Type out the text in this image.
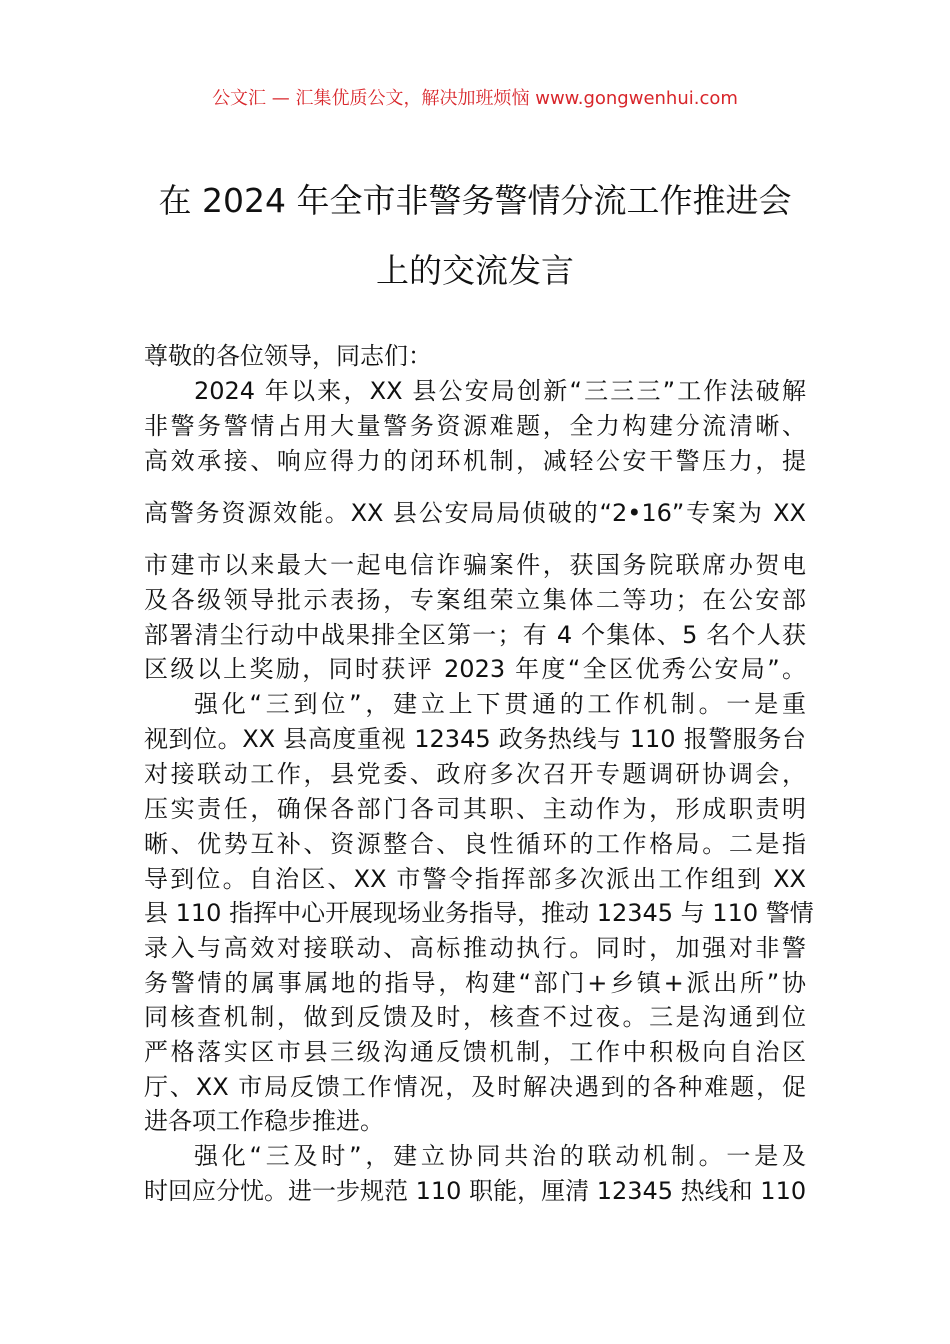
公文汇 — 汇集优质公文，解决加班烦恼 www.gongwenhui.com
在 2024 年全市非警务警情分流工作推进会
上的交流发言
尊敬的各位领导，同志们：
2024 年以来，XX 县公安局创新“三三三”工作法破解
非警务警情占用大量警务资源难题，全力构建分流清晰、
高效承接、响应得力的闭环机制，减轻公安干警压力，提
高警务资源效能。XX 县公安局局侦破的“2•16”专案为 XX
市建市以来最大一起电信诈骗案件，获国务院联席办贺电
及各级领导批示表扬，专案组荣立集体二等功；在公安部
部署清尘行动中战果排全区第一；有 4 个集体、5 名个人获
区级以上奖励，同时获评 2023 年度“全区优秀公安局”。
强化“三到位”，建立上下贯通的工作机制。一是重
视到位。XX 县高度重视 12345 政务热线与 110 报警服务台
对接联动工作，县党委、政府多次召开专题调研协调会，
压实责任，确保各部门各司其职、主动作为，形成职责明
晰、优势互补、资源整合、良性循环的工作格局。二是指
导到位。自治区、XX 市警令指挥部多次派出工作组到 XX
县 110 指挥中心开展现场业务指导，推动 12345 与 110 警情
录入与高效对接联动、高标推动执行。同时，加强对非警
务警情的属事属地的指导，构建“部门+乡镇+派出所”协
同核查机制，做到反馈及时，核查不过夜。三是沟通到位
严格落实区市县三级沟通反馈机制，工作中积极向自治区
厅、XX 市局反馈工作情况，及时解决遇到的各种难题，促
进各项工作稳步推进。
强化“三及时”，建立协同共治的联动机制。一是及
时回应分忧。进一步规范 110 职能，厘清 12345 热线和 110
